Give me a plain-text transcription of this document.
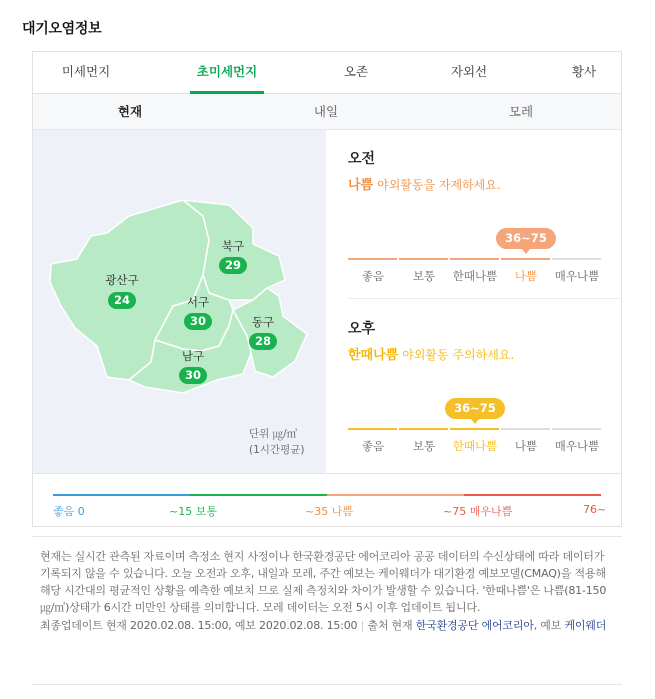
대기오염정보
미세먼지	초미세먼지	오존	자외선	황사
현재	내일	모레
광산구
24
북구
29
서구
30	동구
28
남구
30
단위 ㎍/㎥
(1시간평균)
오전
나쁨 야외활동을 자제하세요.
36~75
좋음	보통	한때나쁨	나쁨	매우나쁨
오후
한때나쁨 야외활동 주의하세요.
36~75
좋음	보통	한때나쁨	나쁨	매우나쁨
좋음 0	~15 보통	~35 나쁨	~75 매우나쁨	76~
현재는 실시간 관측된 자료이며 측정소 현지 사정이나 한국환경공단 에어코리아 공공 데이터의 수신상태에 따라 데이터가 기록되지 않을 수 있습니다. 오늘 오전과 오후, 내일과 모레, 주간 예보는 케이웨더가 대기환경 예보모델(CMAQ)을 적용해 해당 시간대의 평균적인 상황을 예측한 예보치 므로 실제 측정치와 차이가 발생할 수 있습니다. '한때나쁨'은 나쁨(81-150㎍/㎥)상태가 6시간 미만인 상태를 의미합니다. 모레 데이터는 오전 5시 이후 업데이트 됩니다.
최종업데이트 현재 2020.02.08. 15:00, 예보 2020.02.08. 15:00 | 출처 현재 한국환경공단 에어코리아, 예보 케이웨더
